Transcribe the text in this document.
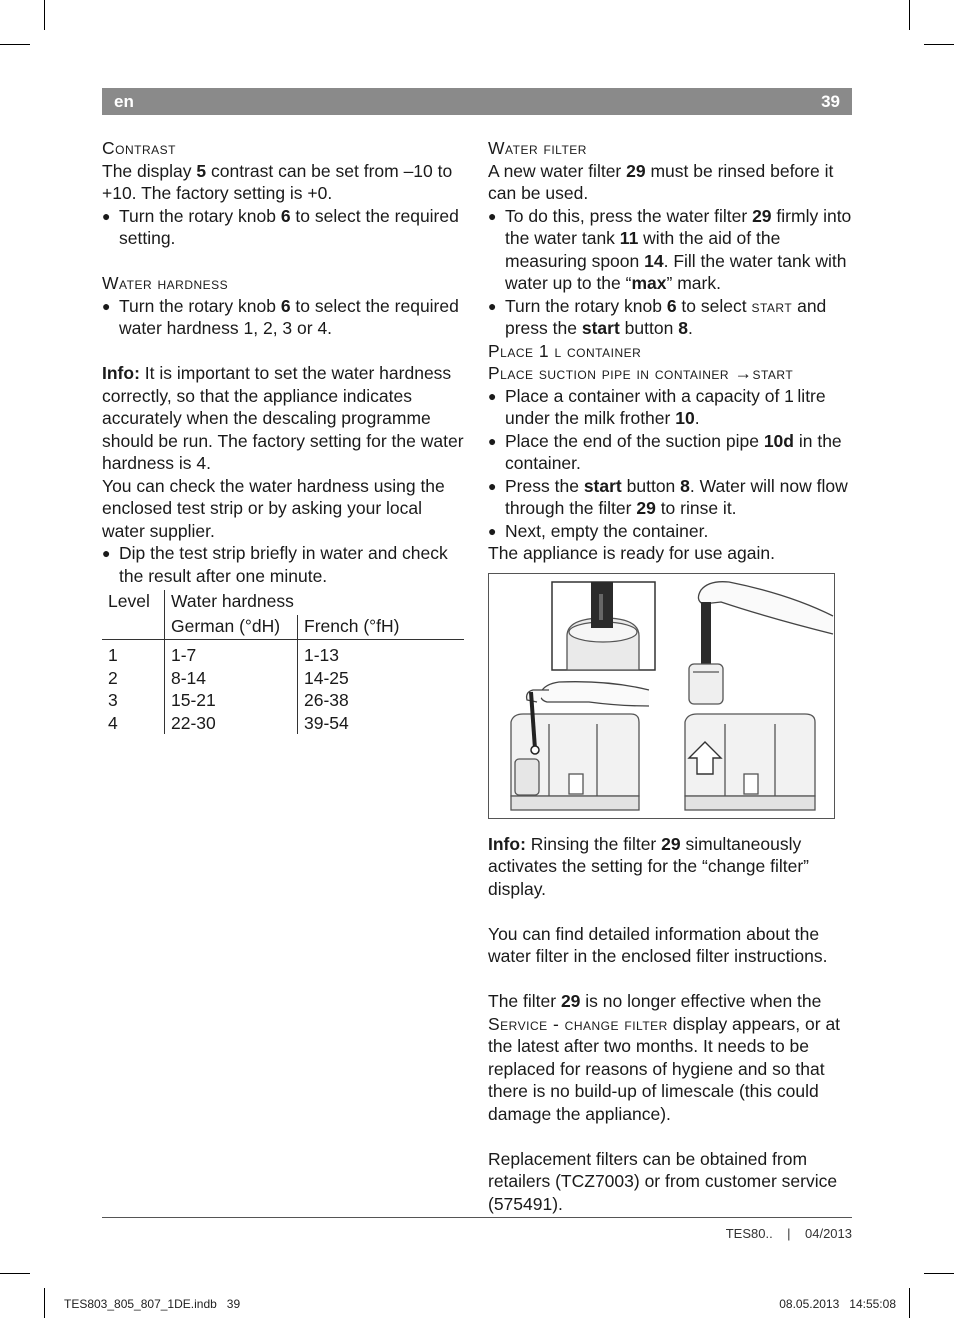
en	39

Contrast

The display 5 contrast can be set from –10 to +10. The factory setting is +0.

● Turn the rotary knob 6 to select the required setting.

Water hardness

● Turn the rotary knob 6 to select the required water hardness 1, 2, 3 or 4.

Info: It is important to set the water hardness correctly, so that the appliance indicates accurately when the descaling programme should be run. The factory setting for the water hardness is 4.

You can check the water hardness using the enclosed test strip or by asking your local water supplier.

● Dip the test strip briefly in water and check the result after one minute.

Level	Water hardness	
	German (°dH)	French (°fH)
1	1-7	1-13
2	8-14	14-25
3	15-21	26-38
4	22-30	39-54

Water filter

A new water filter 29 must be rinsed before it can be used.

● To do this, press the water filter 29 firmly into the water tank 11 with the aid of the measuring spoon 14. Fill the water tank with water up to the “max” mark.

● Turn the rotary knob 6 to select start and press the start button 8.

Place 1 l container

Place suction pipe in container →start

● Place a container with a capacity of 1 litre under the milk frother 10.

● Place the end of the suction pipe 10d in the container.

● Press the start button 8. Water will now flow through the filter 29 to rinse it.

● Next, empty the container.

The appliance is ready for use again.

Info: Rinsing the filter 29 simultaneously activates the setting for the “change filter” display.

You can find detailed information about the water filter in the enclosed filter instructions.

The filter 29 is no longer effective when the Service - change filter display appears, or at the latest after two months. It needs to be replaced for reasons of hygiene and so that there is no build-up of limescale (this could damage the appliance).

Replacement filters can be obtained from retailers (TCZ7003) or from customer service (575491).

TES80.. | 04/2013
TES803_805_807_1DE.indb   39	08.05.2013   14:55:08
